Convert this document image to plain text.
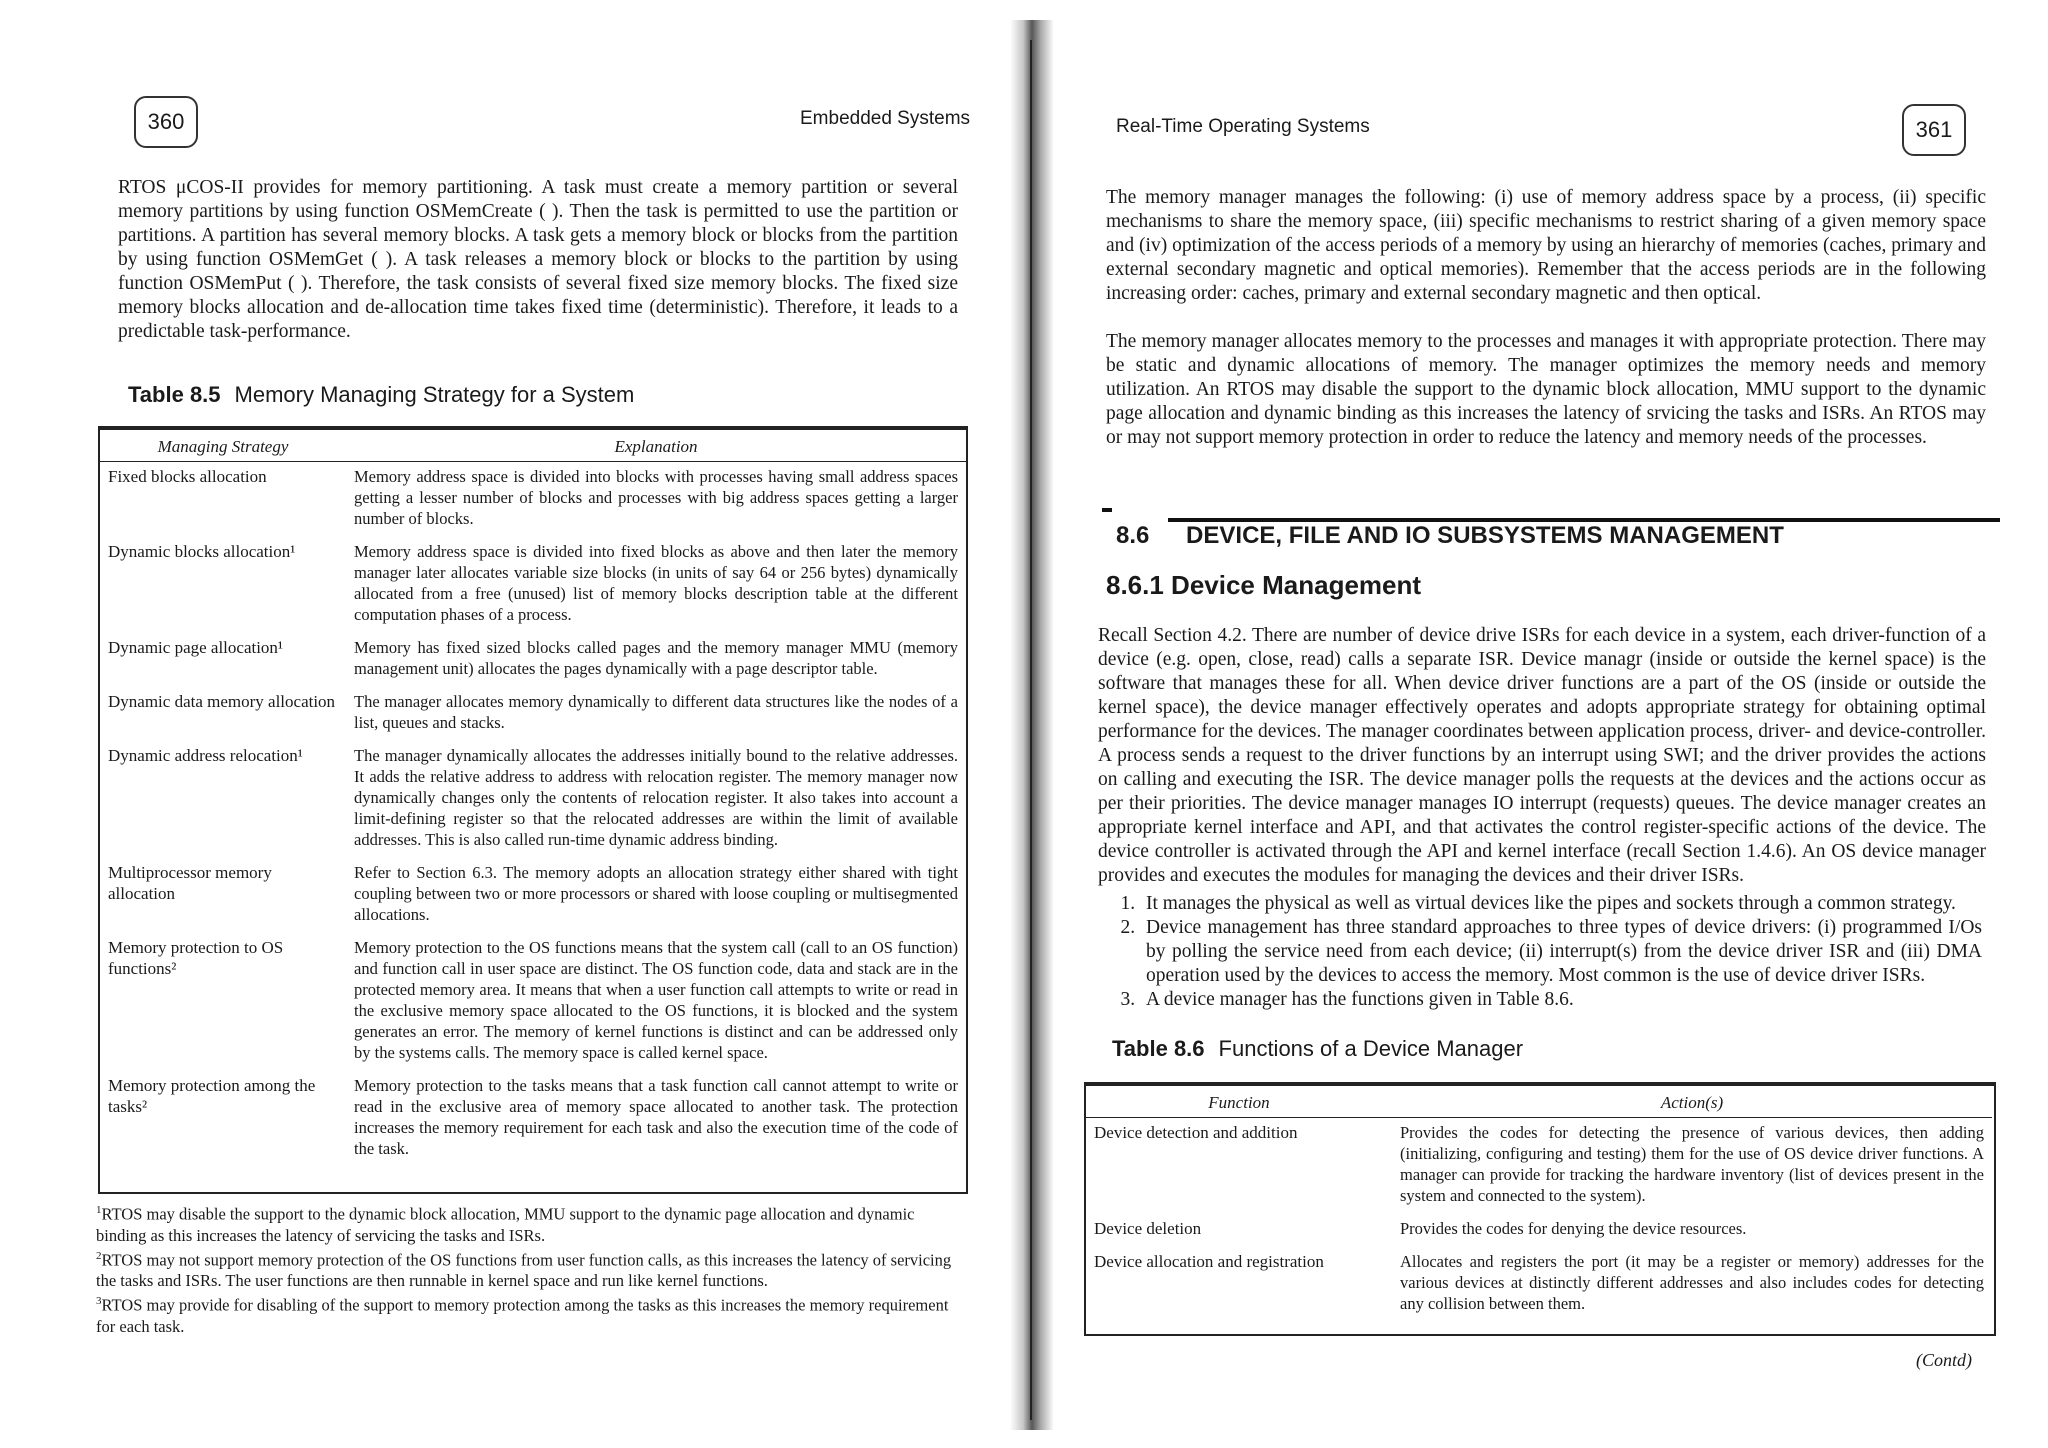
360	Embedded Systems

RTOS μCOS-II provides for memory partitioning. A task must create a memory partition or several memory partitions by using function OSMemCreate ( ). Then the task is permitted to use the partition or partitions. A partition has several memory blocks. A task gets a memory block or blocks from the partition by using function OSMemGet ( ). A task releases a memory block or blocks to the partition by using function OSMemPut ( ). Therefore, the task consists of several fixed size memory blocks. The fixed size memory blocks allocation and de-allocation time takes fixed time (deterministic). Therefore, it leads to a predictable task-performance.

Table 8.5 Memory Managing Strategy for a System
Managing Strategy	Explanation
Fixed blocks allocation	Memory address space is divided into blocks with processes having small address spaces getting a lesser number of blocks and processes with big address spaces getting a larger number of blocks.
Dynamic blocks allocation¹	Memory address space is divided into fixed blocks as above and then later the memory manager later allocates variable size blocks (in units of say 64 or 256 bytes) dynamically allocated from a free (unused) list of memory blocks description table at the different computation phases of a process.
Dynamic page allocation¹	Memory has fixed sized blocks called pages and the memory manager MMU (memory management unit) allocates the pages dynamically with a page descriptor table.
Dynamic data memory allocation	The manager allocates memory dynamically to different data structures like the nodes of a list, queues and stacks.
Dynamic address relocation¹	The manager dynamically allocates the addresses initially bound to the relative addresses. It adds the relative address to address with relocation register. The memory manager now dynamically changes only the contents of relocation register. It also takes into account a limit-defining register so that the relocated addresses are within the limit of available addresses. This is also called run-time dynamic address binding.
Multiprocessor memory allocation	Refer to Section 6.3. The memory adopts an allocation strategy either shared with tight coupling between two or more processors or shared with loose coupling or multisegmented allocations.
Memory protection to OS functions²	Memory protection to the OS functions means that the system call (call to an OS function) and function call in user space are distinct. The OS function code, data and stack are in the protected memory area. It means that when a user function call attempts to write or read in the exclusive memory space allocated to the OS functions, it is blocked and the system generates an error. The memory of kernel functions is distinct and can be addressed only by the systems calls. The memory space is called kernel space.
Memory protection among the tasks²	Memory protection to the tasks means that a task function call cannot attempt to write or read in the exclusive area of memory space allocated to another task. The protection increases the memory requirement for each task and also the execution time of the code of the task.
$^1$RTOS may disable the support to the dynamic block allocation, MMU support to the dynamic page allocation and dynamic binding as this increases the latency of servicing the tasks and ISRs.
$^2$RTOS may not support memory protection of the OS functions from user function calls, as this increases the latency of servicing the tasks and ISRs. The user functions are then runnable in kernel space and run like kernel functions.
$^3$RTOS may provide for disabling of the support to memory protection among the tasks as this increases the memory requirement for each task.
Real-Time Operating Systems	361

The memory manager manages the following: (i) use of memory address space by a process, (ii) specific mechanisms to share the memory space, (iii) specific mechanisms to restrict sharing of a given memory space and (iv) optimization of the access periods of a memory by using an hierarchy of memories (caches, primary and external secondary magnetic and optical memories). Remember that the access periods are in the following increasing order: caches, primary and external secondary magnetic and then optical.

The memory manager allocates memory to the processes and manages it with appropriate protection. There may be static and dynamic allocations of memory. The manager optimizes the memory needs and memory utilization. An RTOS may disable the support to the dynamic block allocation, MMU support to the dynamic page allocation and dynamic binding as this increases the latency of srvicing the tasks and ISRs. An RTOS may or may not support memory protection in order to reduce the latency and memory needs of the processes.

8.6 DEVICE, FILE AND IO SUBSYSTEMS MANAGEMENT
8.6.1 Device Management

Recall Section 4.2. There are number of device drive ISRs for each device in a system, each driver-function of a device (e.g. open, close, read) calls a separate ISR. Device managr (inside or outside the kernel space) is the software that manages these for all. When device driver functions are a part of the OS (inside or outside the kernel space), the device manager effectively operates and adopts appropriate strategy for obtaining optimal performance for the devices. The manager coordinates between application process, driver- and device-controller. A process sends a request to the driver functions by an interrupt using SWI; and the driver provides the actions on calling and executing the ISR. The device manager polls the requests at the devices and the actions occur as per their priorities. The device manager manages IO interrupt (requests) queues. The device manager creates an appropriate kernel interface and API, and that activates the control register-specific actions of the device. The device controller is activated through the API and kernel interface (recall Section 1.4.6). An OS device manager provides and executes the modules for managing the devices and their driver ISRs.

1. It manages the physical as well as virtual devices like the pipes and sockets through a common strategy.
2. Device management has three standard approaches to three types of device drivers: (i) programmed I/Os by polling the service need from each device; (ii) interrupt(s) from the device driver ISR and (iii) DMA operation used by the devices to access the memory. Most common is the use of device driver ISRs.
3. A device manager has the functions given in Table 8.6.
Table 8.6 Functions of a Device Manager
Function	Action(s)
Device detection and addition	Provides the codes for detecting the presence of various devices, then adding (initializing, configuring and testing) them for the use of OS device driver functions. A manager can provide for tracking the hardware inventory (list of devices present in the system and connected to the system).
Device deletion	Provides the codes for denying the device resources.
Device allocation and registration	Allocates and registers the port (it may be a register or memory) addresses for the various devices at distinctly different addresses and also includes codes for detecting any collision between them.
(Contd)
